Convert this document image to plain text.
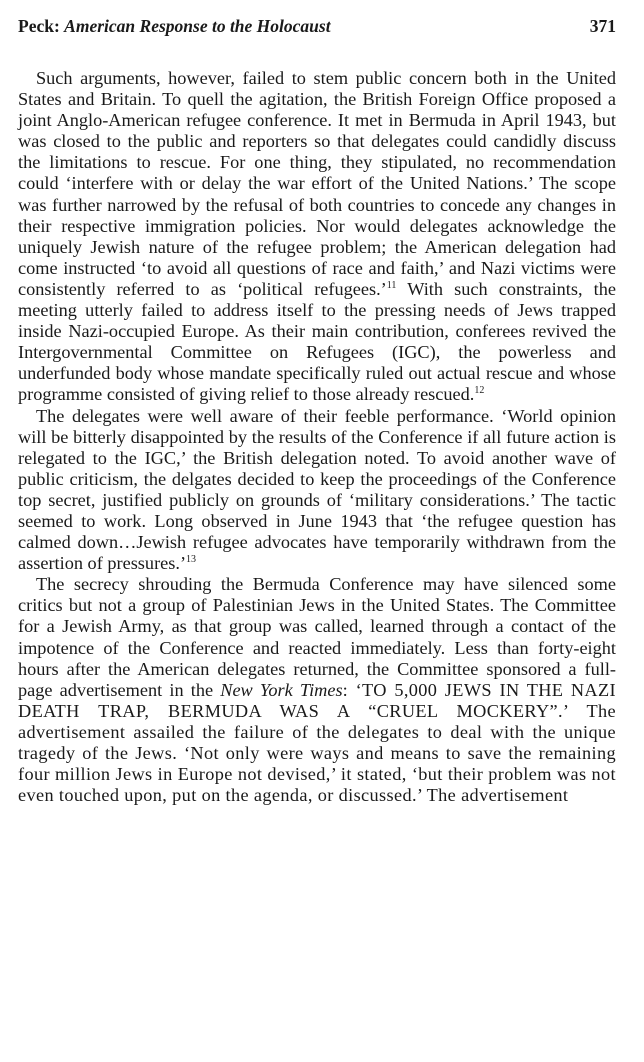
Peck: American Response to the Holocaust	371

Such arguments, however, failed to stem public concern both in the United States and Britain. To quell the agitation, the British Foreign Office proposed a joint Anglo-American refugee conference. It met in Bermuda in April 1943, but was closed to the public and reporters so that delegates could candidly discuss the limitations to rescue. For one thing, they stipulated, no recommendation could ‘interfere with or delay the war effort of the United Nations.’ The scope was further narrowed by the refusal of both countries to concede any changes in their respective immigration policies. Nor would delegates acknowledge the uniquely Jewish nature of the refugee problem; the American delegation had come instructed ‘to avoid all questions of race and faith,’ and Nazi victims were consistently referred to as ‘political refugees.’$^{11}$ With such constraints, the meeting utterly failed to address itself to the pressing needs of Jews trapped inside Nazi-occupied Europe. As their main contribution, conferees revived the Intergovernmental Committee on Refugees (IGC), the powerless and underfunded body whose mandate specifically ruled out actual rescue and whose programme consisted of giving relief to those already rescued.$^{12}$

The delegates were well aware of their feeble performance. ‘World opinion will be bitterly disappointed by the results of the Conference if all future action is relegated to the IGC,’ the British delegation noted. To avoid another wave of public criticism, the delgates decided to keep the proceedings of the Conference top secret, justified publicly on grounds of ‘military considerations.’ The tactic seemed to work. Long observed in June 1943 that ‘the refugee question has calmed down…Jewish refugee advocates have temporarily withdrawn from the assertion of pressures.’$^{13}$

The secrecy shrouding the Bermuda Conference may have silenced some critics but not a group of Palestinian Jews in the United States. The Committee for a Jewish Army, as that group was called, learned through a contact of the impotence of the Conference and reacted immediately. Less than forty-eight hours after the American delegates returned, the Committee sponsored a full-page advertisement in the New York Times: ‘TO 5,000 JEWS IN THE NAZI DEATH TRAP, BERMUDA WAS A “CRUEL MOCKERY”.’ The advertisement assailed the failure of the delegates to deal with the unique tragedy of the Jews. ‘Not only were ways and means to save the remaining four million Jews in Europe not devised,’ it stated, ‘but their problem was not even touched upon, put on the agenda, or discussed.’ The advertisement
